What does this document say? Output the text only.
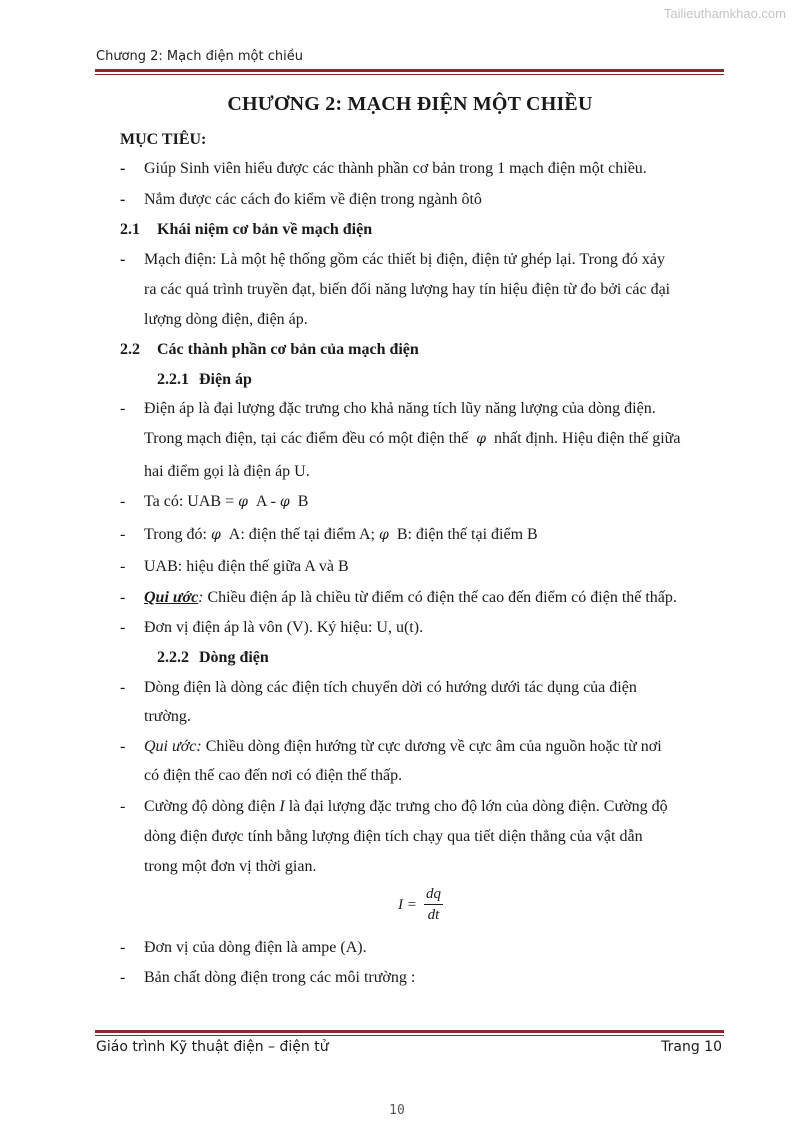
Tailieuthamkhao.com
Chương 2: Mạch điện một chiều
CHƯƠNG 2: MẠCH ĐIỆN MỘT CHIỀU
MỤC TIÊU:
- Giúp Sinh viên hiểu được các thành phần cơ bản trong 1 mạch điện một chiều.
- Nắm được các cách đo kiểm về điện trong ngành ôtô
2.1 Khái niệm cơ bản về mạch điện
- Mạch điện: Là một hệ thống gồm các thiết bị điện, điện tử ghép lại. Trong đó xảy
ra các quá trình truyền đạt, biến đổi năng lượng hay tín hiệu điện từ đo bởi các đại
lượng dòng điện, điện áp.
2.2 Các thành phần cơ bản của mạch điện
2.2.1 Điện áp
- Điện áp là đại lượng đặc trưng cho khả năng tích lũy năng lượng của dòng điện.
Trong mạch điện, tại các điểm đều có một điện thế φ nhất định. Hiệu điện thế giữa
hai điểm gọi là điện áp U.
- Ta có: UAB = φ A - φ B
- Trong đó: φ A: điện thế tại điểm A; φ B: điện thế tại điểm B
- UAB: hiệu điện thế giữa A và B
- Qui ước: Chiều điện áp là chiều từ điểm có điện thế cao đến điểm có điện thế thấp.
- Đơn vị điện áp là vôn (V). Ký hiệu: U, u(t).
2.2.2 Dòng điện
- Dòng điện là dòng các điện tích chuyển dời có hướng dưới tác dụng của điện
trường.
- Qui ước: Chiều dòng điện hướng từ cực dương về cực âm của nguồn hoặc từ nơi
có điện thế cao đến nơi có điện thế thấp.
- Cường độ dòng điện I là đại lượng đặc trưng cho độ lớn của dòng điện. Cường độ
dòng điện được tính bằng lượng điện tích chạy qua tiết diện thẳng của vật dẫn
trong một đơn vị thời gian.
$I = \frac{dq}{dt}$
- Đơn vị của dòng điện là ampe (A).
- Bản chất dòng điện trong các môi trường :
Giáo trình Kỹ thuật điện – điện tử	Trang 10
10
